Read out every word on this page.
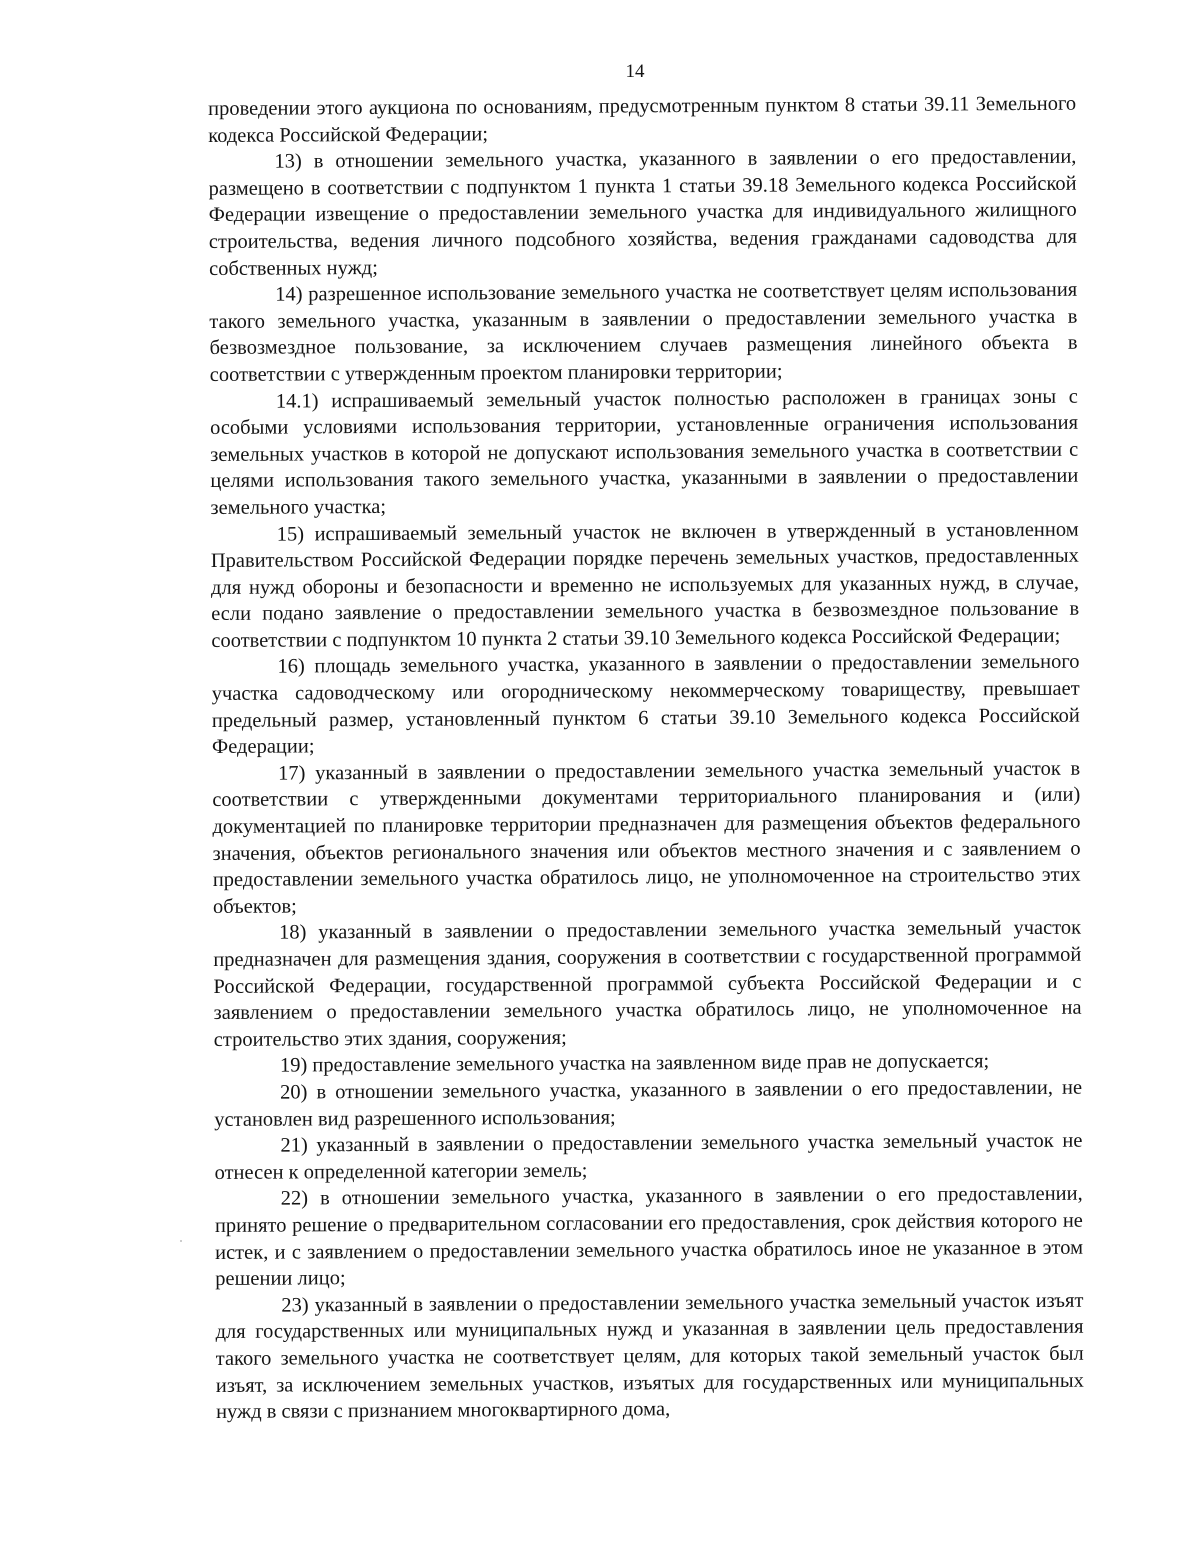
14

проведении этого аукциона по основаниям, предусмотренным пунктом 8 статьи 39.11 Земельного кодекса Российской Федерации;

13) в отношении земельного участка, указанного в заявлении о его предоставлении, размещено в соответствии с подпунктом 1 пункта 1 статьи 39.18 Земельного кодекса Российской Федерации извещение о предоставлении земельного участка для индивидуального жилищного строительства, ведения личного подсобного хозяйства, ведения гражданами садоводства для собственных нужд;

14) разрешенное использование земельного участка не соответствует целям использования такого земельного участка, указанным в заявлении о предоставлении земельного участка в безвозмездное пользование, за исключением случаев размещения линейного объекта в соответствии с утвержденным проектом планировки территории;

14.1) испрашиваемый земельный участок полностью расположен в границах зоны с особыми условиями использования территории, установленные ограничения использования земельных участков в которой не допускают использования земельного участка в соответствии с целями использования такого земельного участка, указанными в заявлении о предоставлении земельного участка;

15) испрашиваемый земельный участок не включен в утвержденный в установленном Правительством Российской Федерации порядке перечень земельных участков, предоставленных для нужд обороны и безопасности и временно не используемых для указанных нужд, в случае, если подано заявление о предоставлении земельного участка в безвозмездное пользование в соответствии с подпунктом 10 пункта 2 статьи 39.10 Земельного кодекса Российской Федерации;

16) площадь земельного участка, указанного в заявлении о предоставлении земельного участка садоводческому или огородническому некоммерческому товариществу, превышает предельный размер, установленный пунктом 6 статьи 39.10 Земельного кодекса Российской Федерации;

17) указанный в заявлении о предоставлении земельного участка земельный участок в соответствии с утвержденными документами территориального планирования и (или) документацией по планировке территории предназначен для размещения объектов федерального значения, объектов регионального значения или объектов местного значения и с заявлением о предоставлении земельного участка обратилось лицо, не уполномоченное на строительство этих объектов;

18) указанный в заявлении о предоставлении земельного участка земельный участок предназначен для размещения здания, сооружения в соответствии с государственной программой Российской Федерации, государственной программой субъекта Российской Федерации и с заявлением о предоставлении земельного участка обратилось лицо, не уполномоченное на строительство этих здания, сооружения;

19) предоставление земельного участка на заявленном виде прав не допускается;

20) в отношении земельного участка, указанного в заявлении о его предоставлении, не установлен вид разрешенного использования;

21) указанный в заявлении о предоставлении земельного участка земельный участок не отнесен к определенной категории земель;

22) в отношении земельного участка, указанного в заявлении о его предоставлении, принято решение о предварительном согласовании его предоставления, срок действия которого не истек, и с заявлением о предоставлении земельного участка обратилось иное не указанное в этом решении лицо;

23) указанный в заявлении о предоставлении земельного участка земельный участок изъят для государственных или муниципальных нужд и указанная в заявлении цель предоставления такого земельного участка не соответствует целям, для которых такой земельный участок был изъят, за исключением земельных участков, изъятых для государственных или муниципальных нужд в связи с признанием многоквартирного дома,
